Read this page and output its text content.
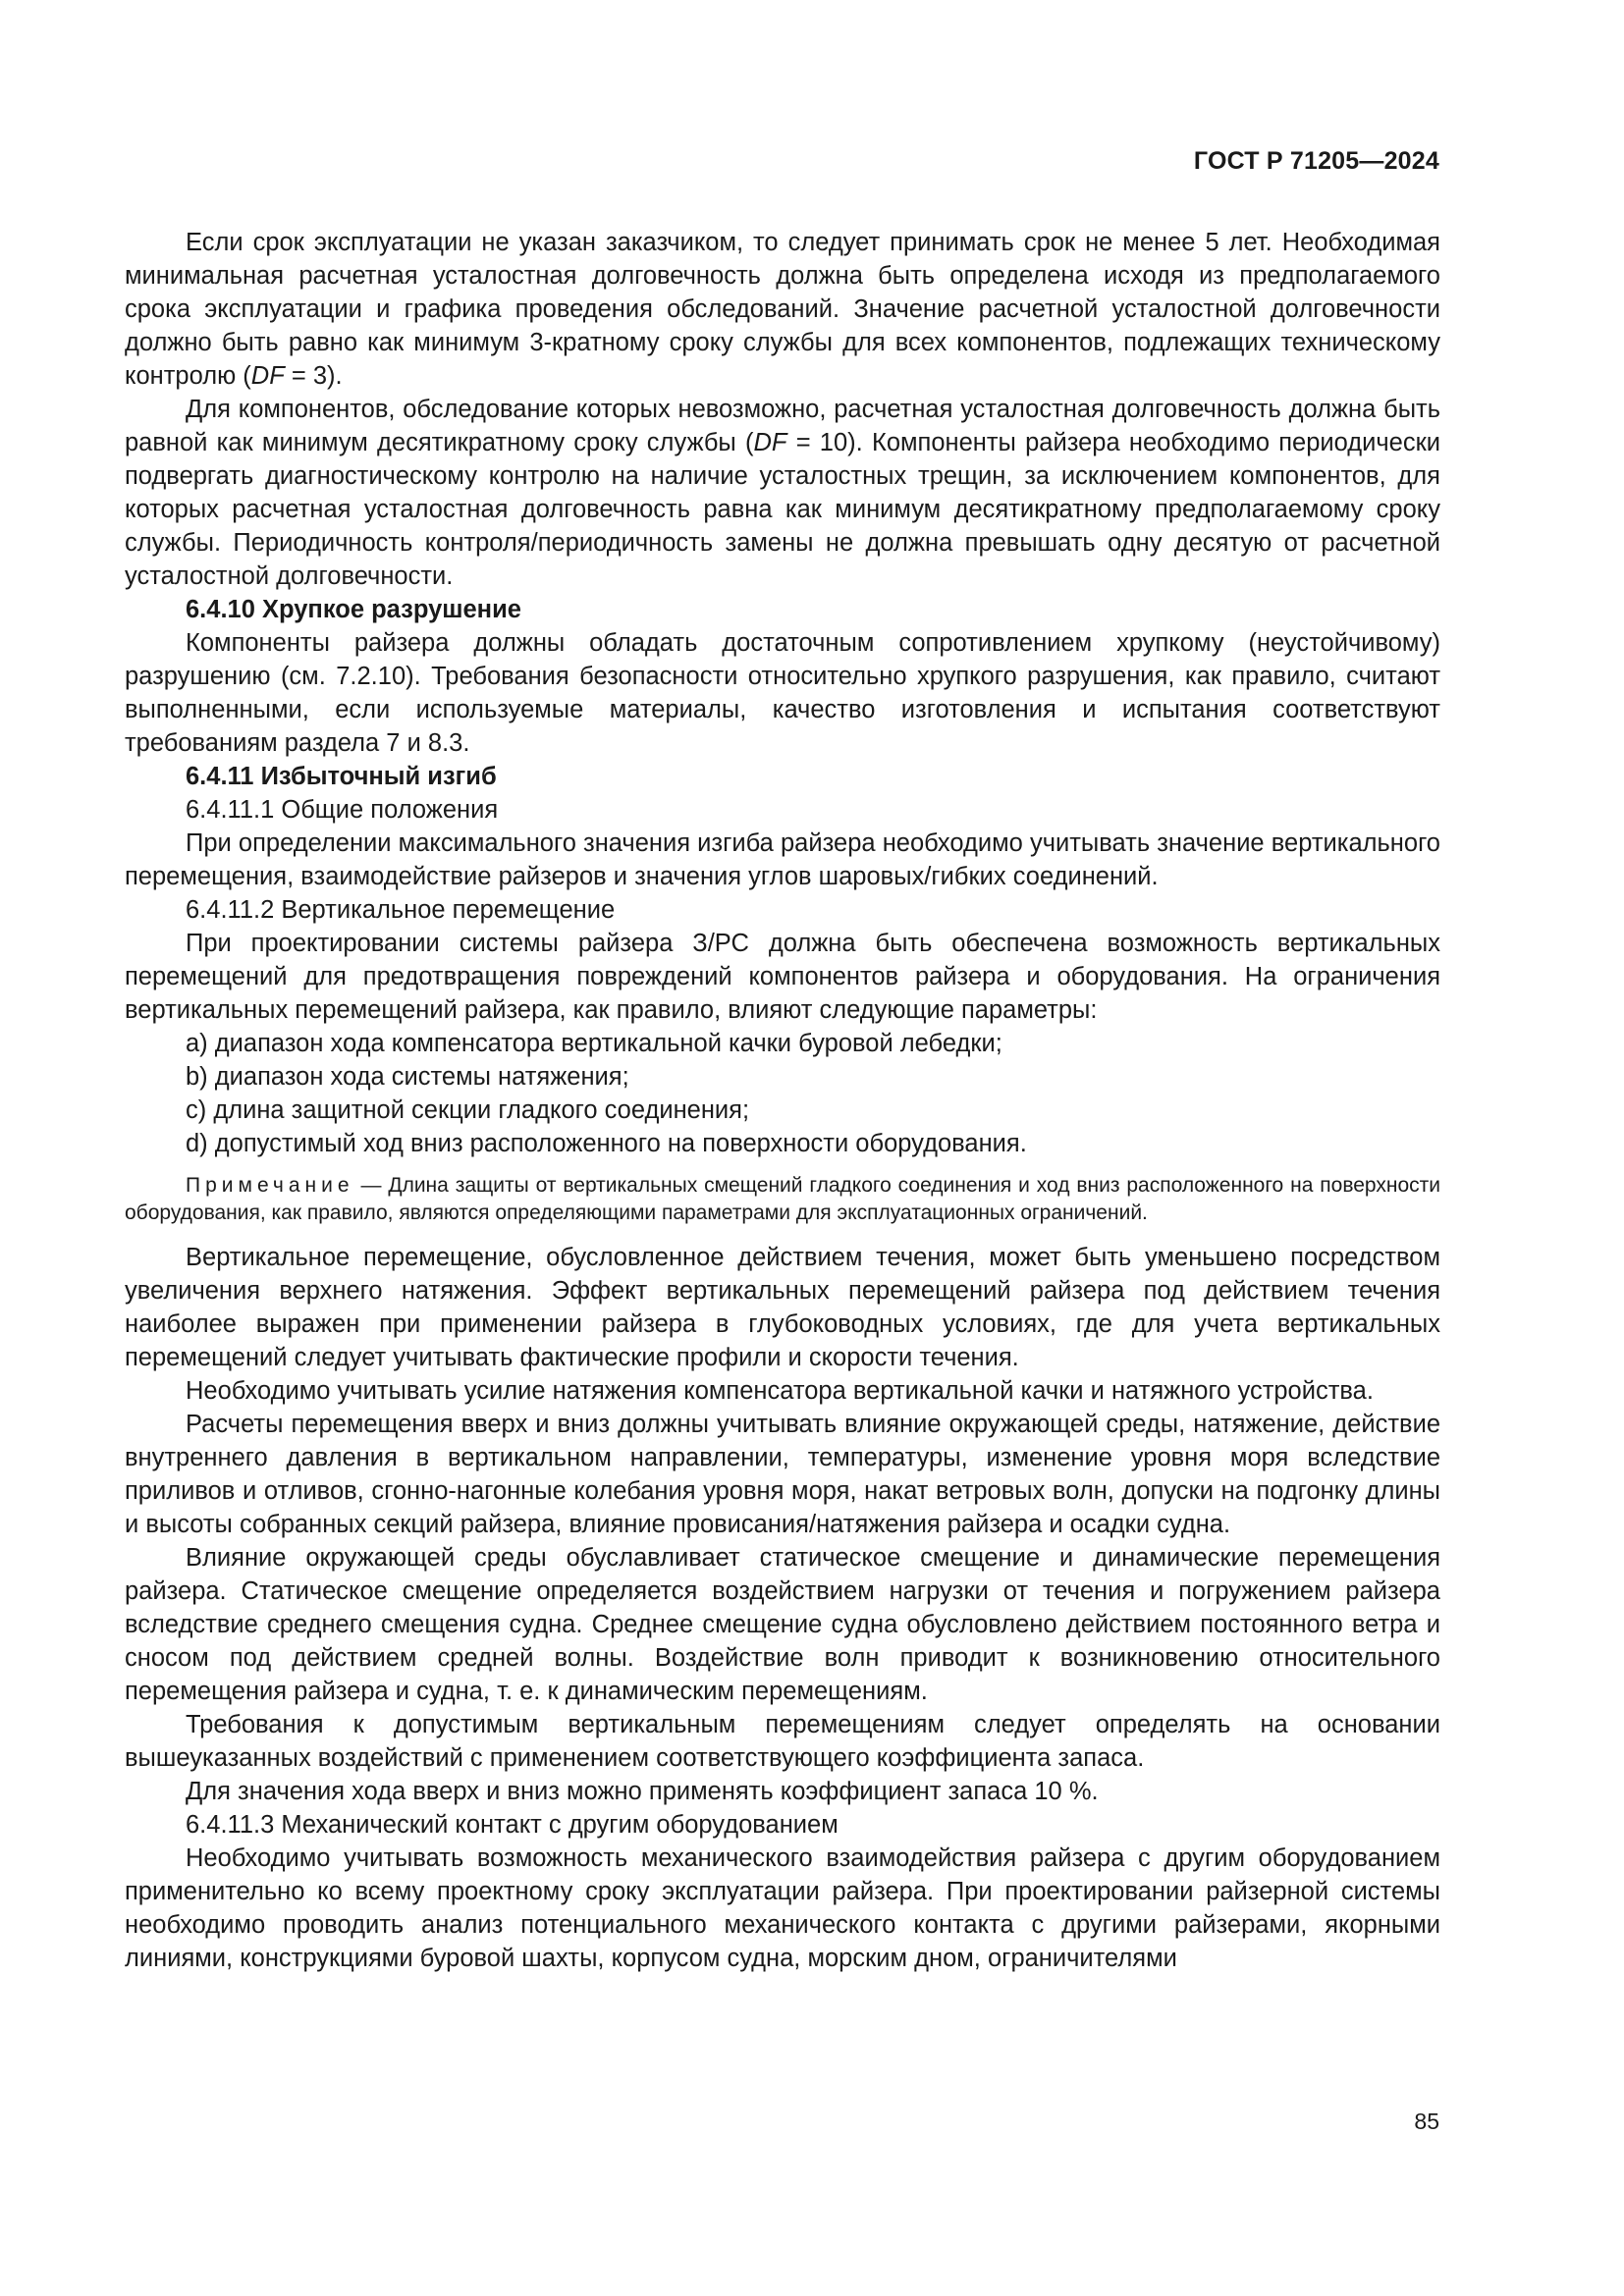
ГОСТ Р 71205—2024

Если срок эксплуатации не указан заказчиком, то следует принимать срок не менее 5 лет. Необходимая минимальная расчетная усталостная долговечность должна быть определена исходя из предполагаемого срока эксплуатации и графика проведения обследований. Значение расчетной усталостной долговечности должно быть равно как минимум 3-кратному сроку службы для всех компонентов, подлежащих техническому контролю (DF = 3).

Для компонентов, обследование которых невозможно, расчетная усталостная долговечность должна быть равной как минимум десятикратному сроку службы (DF = 10). Компоненты райзера необходимо периодически подвергать диагностическому контролю на наличие усталостных трещин, за исключением компонентов, для которых расчетная усталостная долговечность равна как минимум десятикратному предполагаемому сроку службы. Периодичность контроля/периодичность замены не должна превышать одну десятую от расчетной усталостной долговечности.

6.4.10 Хрупкое разрушение

Компоненты райзера должны обладать достаточным сопротивлением хрупкому (неустойчивому) разрушению (см. 7.2.10). Требования безопасности относительно хрупкого разрушения, как правило, считают выполненными, если используемые материалы, качество изготовления и испытания соответствуют требованиям раздела 7 и 8.3.

6.4.11 Избыточный изгиб

6.4.11.1 Общие положения

При определении максимального значения изгиба райзера необходимо учитывать значение вертикального перемещения, взаимодействие райзеров и значения углов шаровых/гибких соединений.

6.4.11.2 Вертикальное перемещение

При проектировании системы райзера З/РС должна быть обеспечена возможность вертикальных перемещений для предотвращения повреждений компонентов райзера и оборудования. На ограничения вертикальных перемещений райзера, как правило, влияют следующие параметры:

a) диапазон хода компенсатора вертикальной качки буровой лебедки;

b) диапазон хода системы натяжения;

c) длина защитной секции гладкого соединения;

d) допустимый ход вниз расположенного на поверхности оборудования.

Примечание — Длина защиты от вертикальных смещений гладкого соединения и ход вниз расположенного на поверхности оборудования, как правило, являются определяющими параметрами для эксплуатационных ограничений.

Вертикальное перемещение, обусловленное действием течения, может быть уменьшено посредством увеличения верхнего натяжения. Эффект вертикальных перемещений райзера под действием течения наиболее выражен при применении райзера в глубоководных условиях, где для учета вертикальных перемещений следует учитывать фактические профили и скорости течения.

Необходимо учитывать усилие натяжения компенсатора вертикальной качки и натяжного устройства.

Расчеты перемещения вверх и вниз должны учитывать влияние окружающей среды, натяжение, действие внутреннего давления в вертикальном направлении, температуры, изменение уровня моря вследствие приливов и отливов, сгонно-нагонные колебания уровня моря, накат ветровых волн, допуски на подгонку длины и высоты собранных секций райзера, влияние провисания/натяжения райзера и осадки судна.

Влияние окружающей среды обуславливает статическое смещение и динамические перемещения райзера. Статическое смещение определяется воздействием нагрузки от течения и погружением райзера вследствие среднего смещения судна. Среднее смещение судна обусловлено действием постоянного ветра и сносом под действием средней волны. Воздействие волн приводит к возникновению относительного перемещения райзера и судна, т. е. к динамическим перемещениям.

Требования к допустимым вертикальным перемещениям следует определять на основании вышеуказанных воздействий с применением соответствующего коэффициента запаса.

Для значения хода вверх и вниз можно применять коэффициент запаса 10 %.

6.4.11.3 Механический контакт с другим оборудованием

Необходимо учитывать возможность механического взаимодействия райзера с другим оборудованием применительно ко всему проектному сроку эксплуатации райзера. При проектировании райзерной системы необходимо проводить анализ потенциального механического контакта с другими райзерами, якорными линиями, конструкциями буровой шахты, корпусом судна, морским дном, ограничителями

85
